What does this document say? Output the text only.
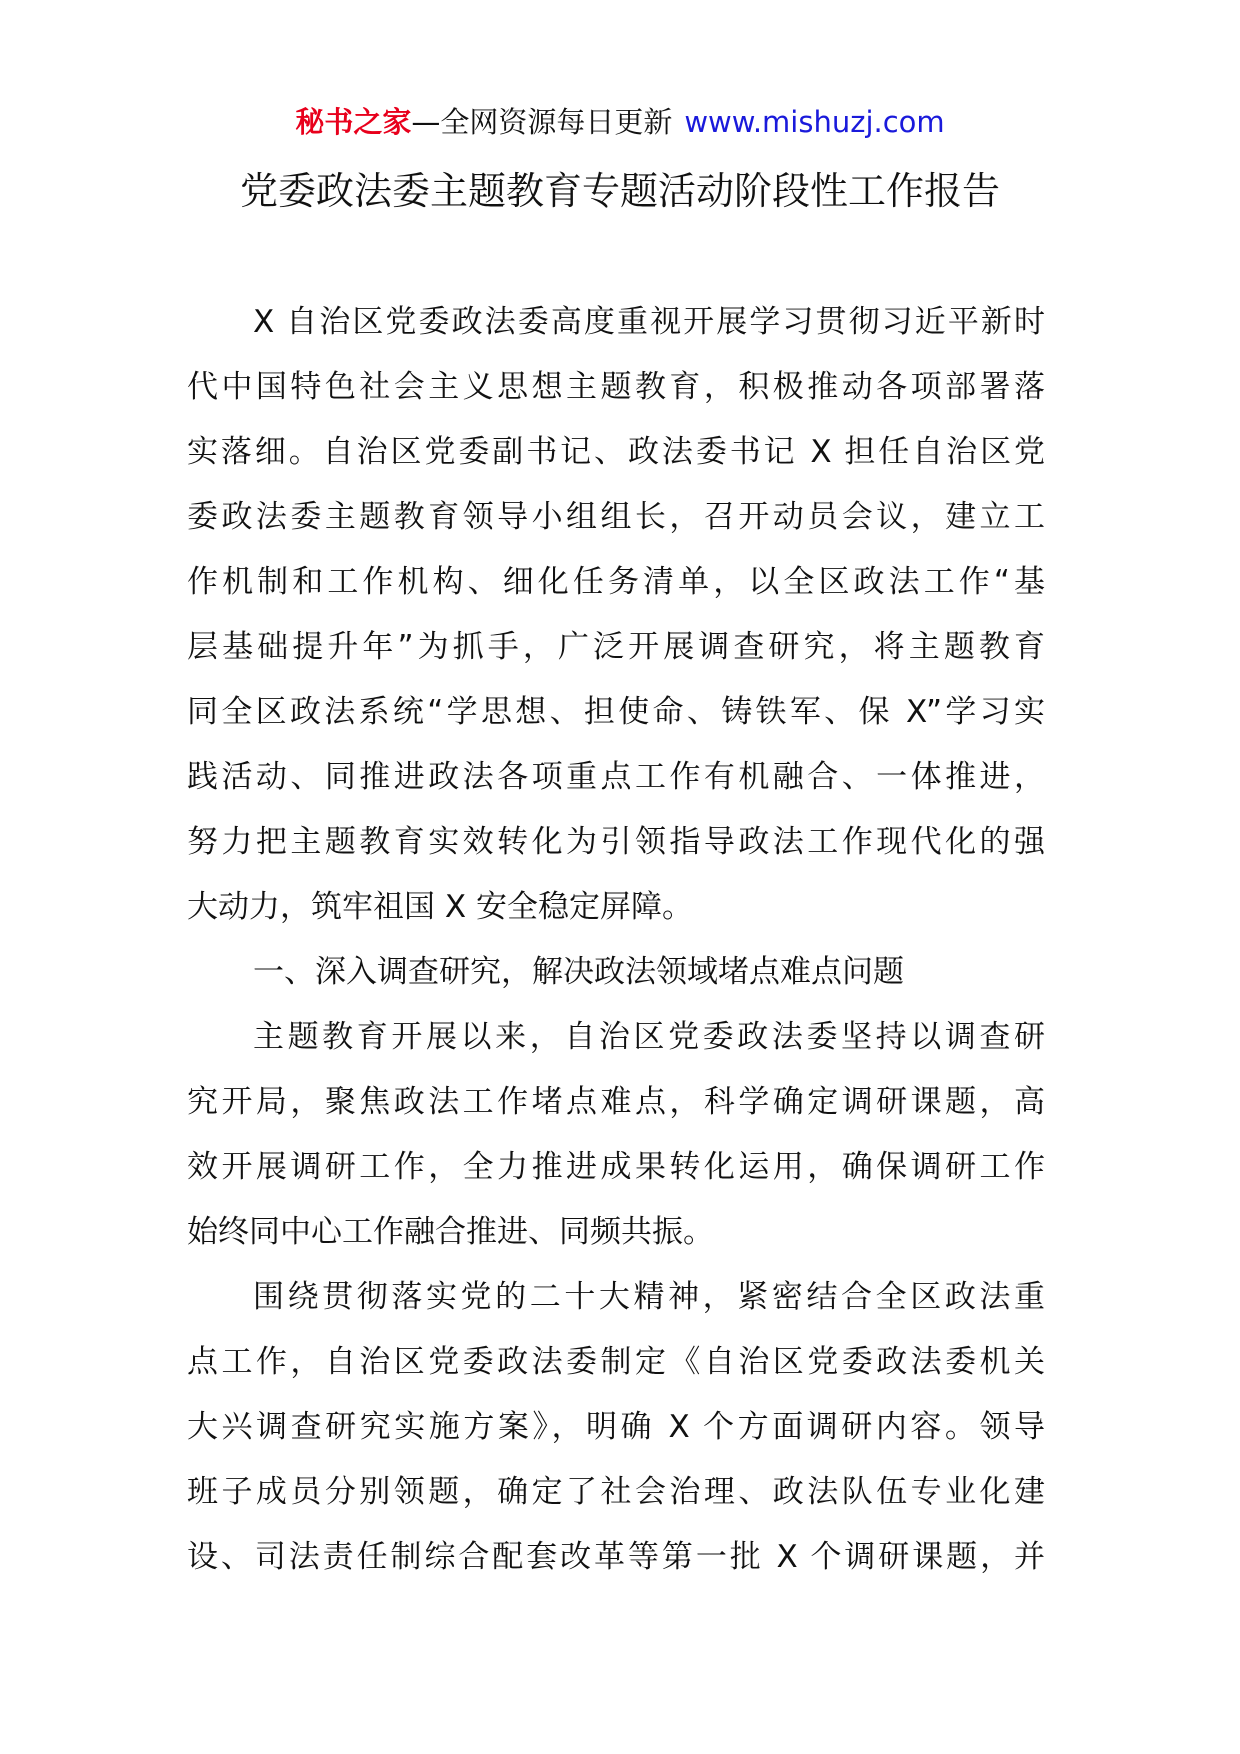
秘书之家—全网资源每日更新 www.mishuzj.com
党委政法委主题教育专题活动阶段性工作报告
X 自治区党委政法委高度重视开展学习贯彻习近平新时
代中国特色社会主义思想主题教育，积极推动各项部署落
实落细。自治区党委副书记、政法委书记 X 担任自治区党
委政法委主题教育领导小组组长，召开动员会议，建立工
作机制和工作机构、细化任务清单，以全区政法工作“基
层基础提升年”为抓手，广泛开展调查研究，将主题教育
同全区政法系统“学思想、担使命、铸铁军、保 X”学习实
践活动、同推进政法各项重点工作有机融合、一体推进，
努力把主题教育实效转化为引领指导政法工作现代化的强
大动力，筑牢祖国 X 安全稳定屏障。
一、深入调查研究，解决政法领域堵点难点问题
主题教育开展以来，自治区党委政法委坚持以调查研
究开局，聚焦政法工作堵点难点，科学确定调研课题，高
效开展调研工作，全力推进成果转化运用，确保调研工作
始终同中心工作融合推进、同频共振。
围绕贯彻落实党的二十大精神，紧密结合全区政法重
点工作，自治区党委政法委制定《自治区党委政法委机关
大兴调查研究实施方案》，明确 X 个方面调研内容。领导
班子成员分别领题，确定了社会治理、政法队伍专业化建
设、司法责任制综合配套改革等第一批 X 个调研课题，并
